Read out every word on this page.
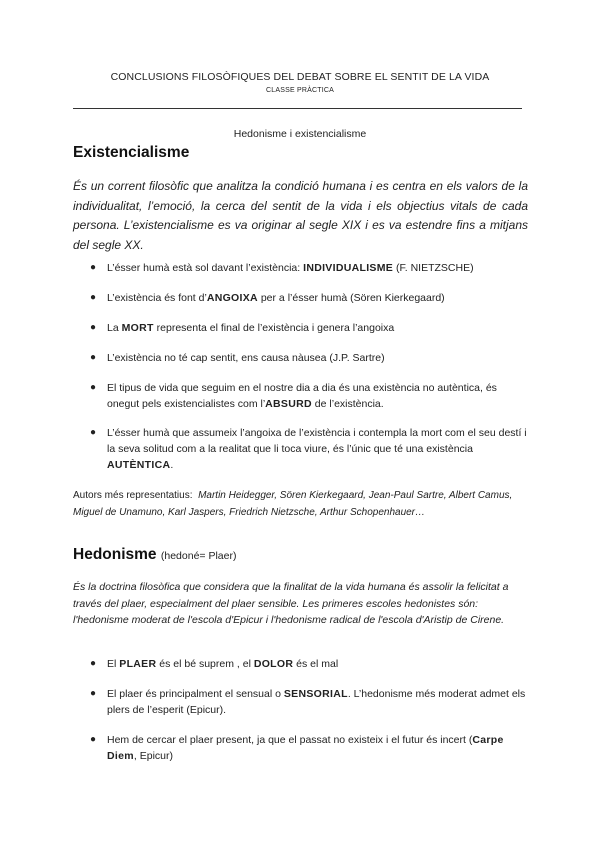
CONCLUSIONS FILOSÒFIQUES DEL DEBAT SOBRE EL SENTIT DE LA VIDA
CLASSE PRÀCTICA
Hedonisme i existencialisme
Existencialisme
És un corrent filosòfic que analitza la condició humana i es centra en els valors de la individualitat, l’emoció, la cerca del sentit de la vida i els objectius vitals de cada persona. L’existencialisme es va originar al segle XIX i es va estendre fins a mitjans del segle XX.
● L’ésser humà està sol davant l’existència: INDIVIDUALISME (F. NIETZSCHE)
● L’existència és font d’ANGOIXA per a l’ésser humà (Sören Kierkegaard)
● La MORT representa el final de l’existència i genera l’angoixa
● L’existència no té cap sentit, ens causa nàusea (J.P. Sartre)
● El tipus de vida que seguim en el nostre dia a dia és una existència no autèntica, és onegut pels existencialistes com l’ABSURD de l’existència.
● L’ésser humà que assumeix l’angoixa de l’existència i contempla la mort com el seu destí i la seva solitud com a la realitat que li toca viure, és l’únic que té una existència AUTÈNTICA.
Autors més representatius: Martin Heidegger, Sören Kierkegaard, Jean-Paul Sartre, Albert Camus, Miguel de Unamuno, Karl Jaspers, Friedrich Nietzsche, Arthur Schopenhauer…
Hedonisme (hedoné= Plaer)
És la doctrina filosòfica que considera que la finalitat de la vida humana és assolir la felicitat a través del plaer, especialment del plaer sensible. Les primeres escoles hedonistes són: l'hedonisme moderat de l'escola d'Epicur i l'hedonisme radical de l'escola d'Aristip de Cirene.
● El PLAER és el bé suprem , el DOLOR és el mal
● El plaer és principalment el sensual o SENSORIAL. L’hedonisme més moderat admet els plers de l’esperit (Epicur).
● Hem de cercar el plaer present, ja que el passat no existeix i el futur és incert (Carpe Diem, Epicur)
